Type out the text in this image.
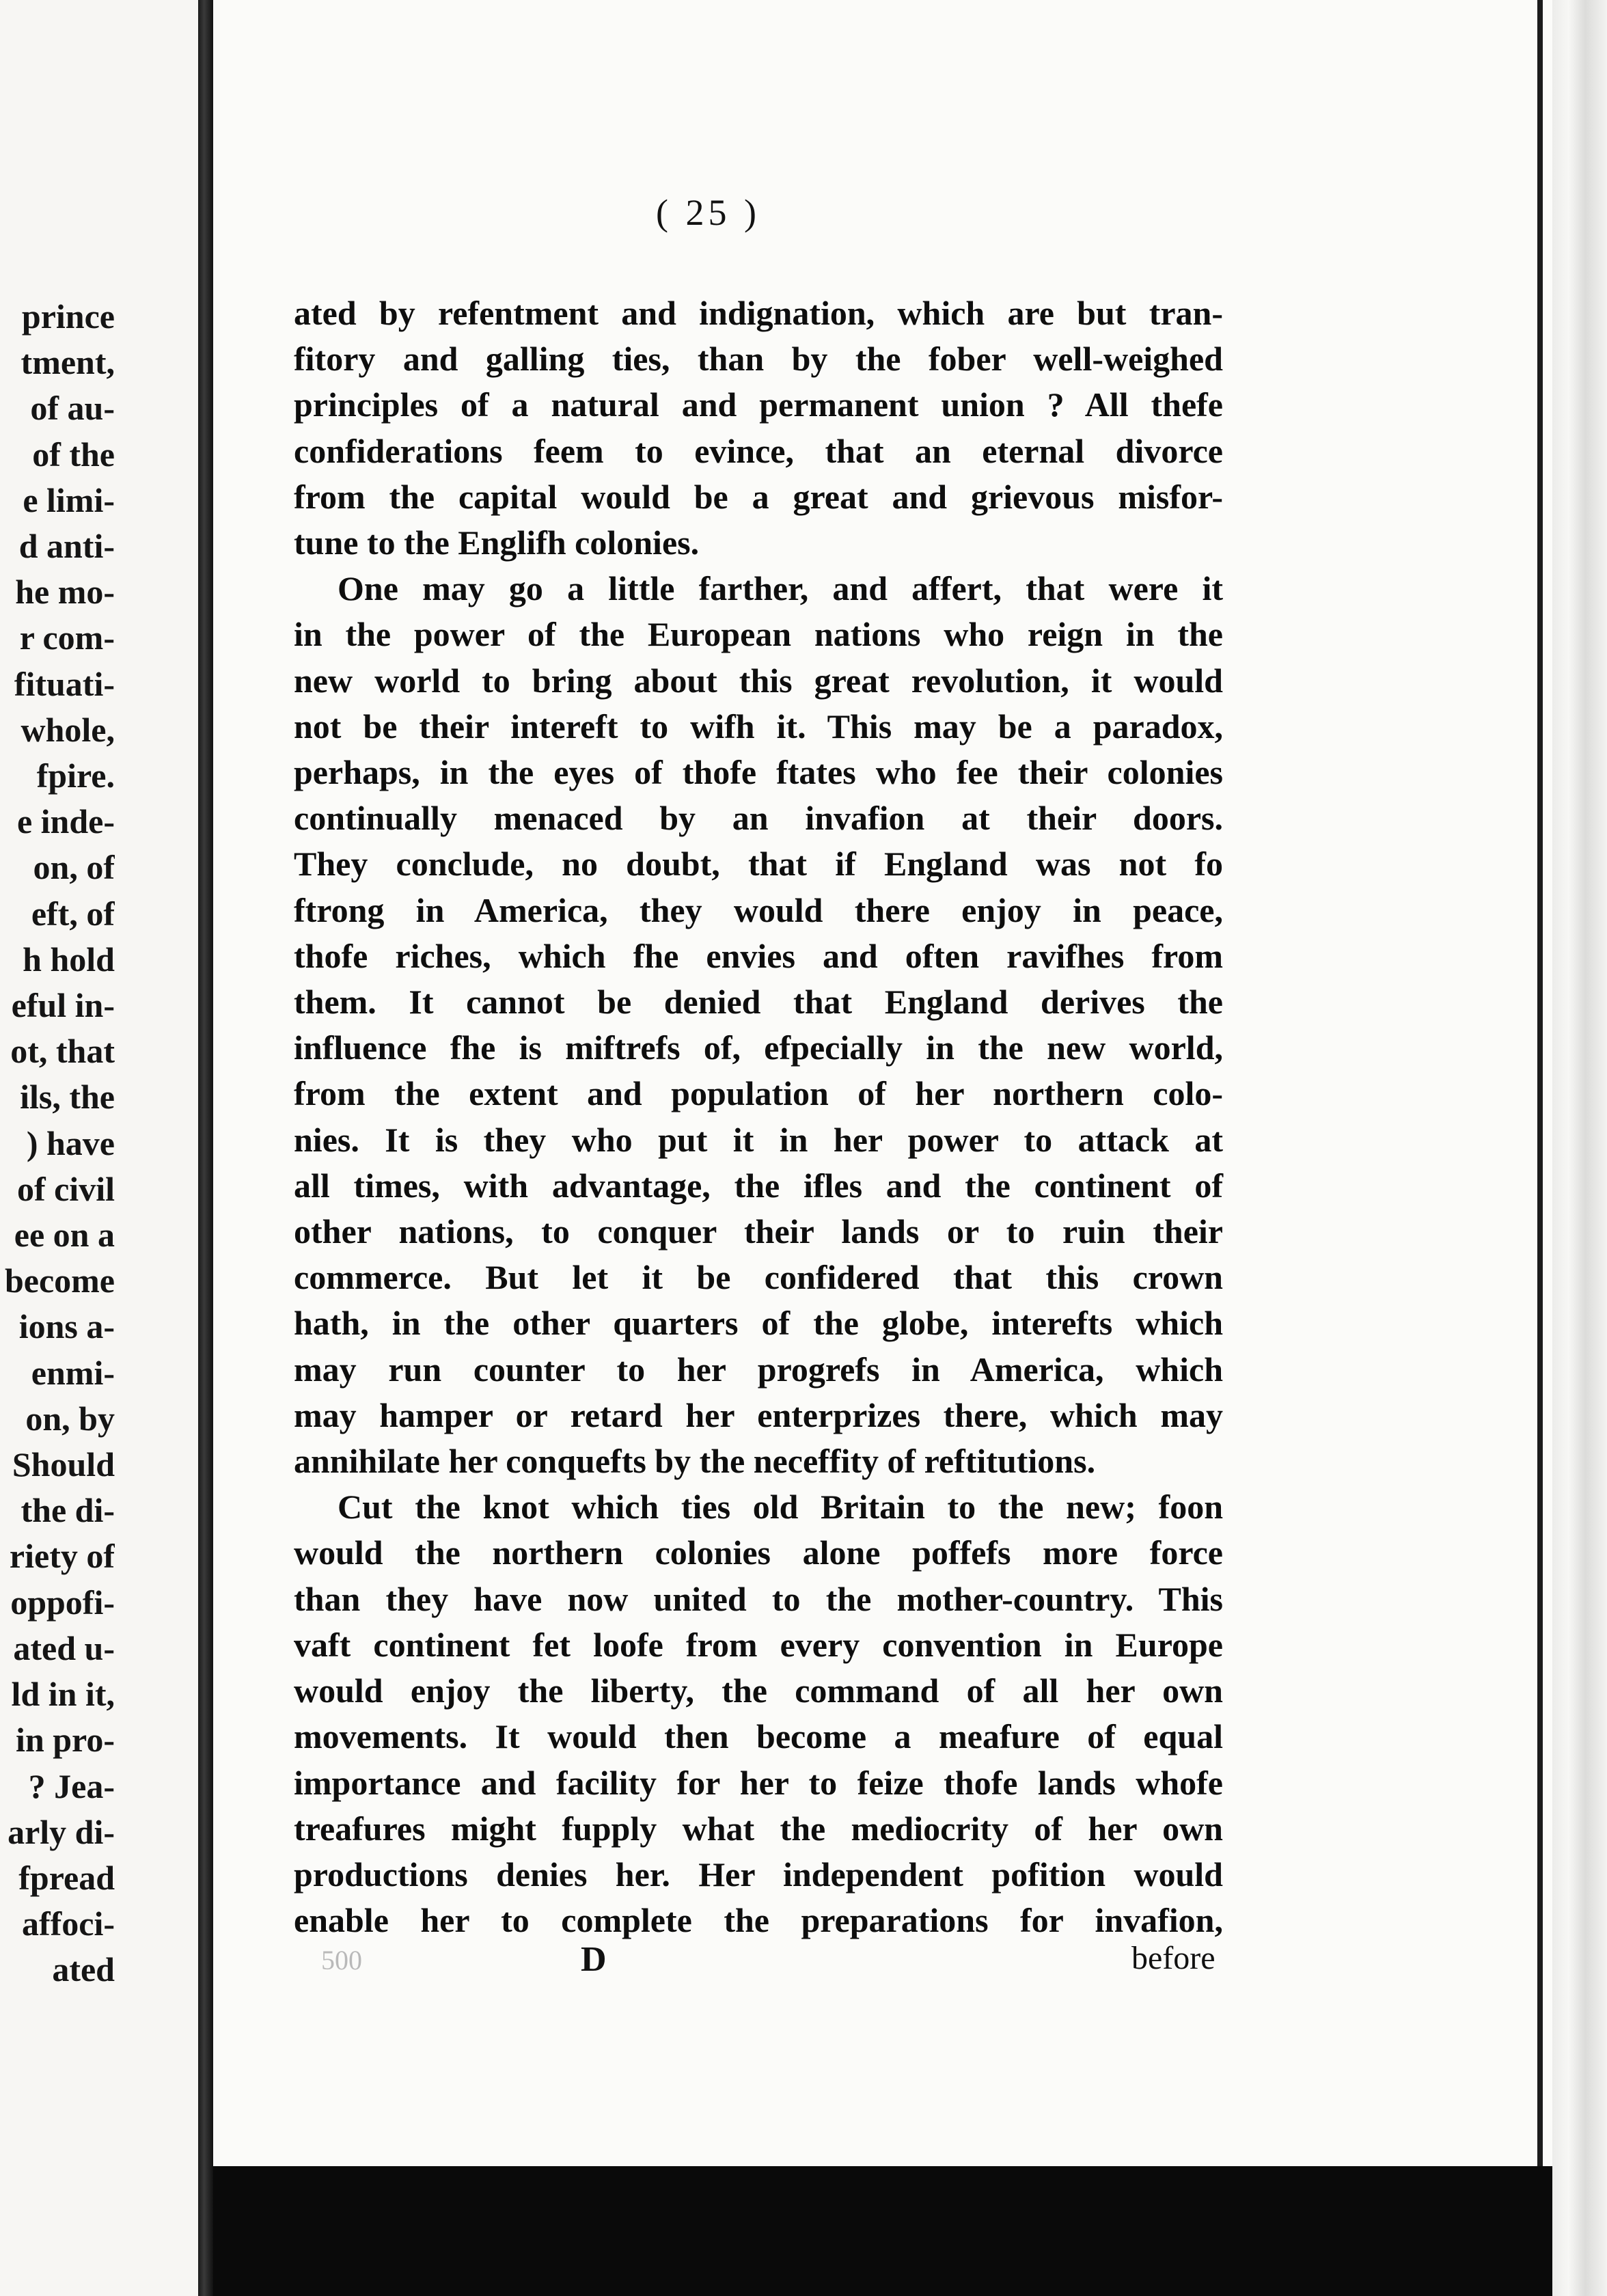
prince
tment,
of au-
of the
e limi-
d anti-
he mo-
r com-
fituati-
whole,
fpire.
e inde-
on, of
eft, of
h hold
eful in-
ot, that
ils, the
) have
of civil
ee on a
become
ions a-
enmi-
on, by
Should
the di-
riety of
oppofi-
ated u-
ld in it,
in pro-
? Jea-
arly di-
fpread
affoci-
ated
( 25 )
ated by refentment and indignation, which are but tran-
fitory and galling ties, than by the fober well-weighed
principles of a natural and permanent union ? All thefe
confiderations feem to evince, that an eternal divorce
from the capital would be a great and grievous misfor-
tune to the Englifh colonies.
One may go a little farther, and affert, that were it
in the power of the European nations who reign in the
new world to bring about this great revolution, it would
not be their intereft to wifh it. This may be a paradox,
perhaps, in the eyes of thofe ftates who fee their colonies
continually menaced by an invafion at their doors.
They conclude, no doubt, that if England was not fo
ftrong in America, they would there enjoy in peace,
thofe riches, which fhe envies and often ravifhes from
them. It cannot be denied that England derives the
influence fhe is miftrefs of, efpecially in the new world,
from the extent and population of her northern colo-
nies. It is they who put it in her power to attack at
all times, with advantage, the ifles and the continent of
other nations, to conquer their lands or to ruin their
commerce. But let it be confidered that this crown
hath, in the other quarters of the globe, interefts which
may run counter to her progrefs in America, which
may hamper or retard her enterprizes there, which may
annihilate her conquefts by the neceffity of reftitutions.
Cut the knot which ties old Britain to the new; foon
would the northern colonies alone poffefs more force
than they have now united to the mother-country. This
vaft continent fet loofe from every convention in Europe
would enjoy the liberty, the command of all her own
movements. It would then become a meafure of equal
importance and facility for her to feize thofe lands whofe
treafures might fupply what the mediocrity of her own
productions denies her. Her independent pofition would
enable her to complete the preparations for invafion,
500	D	before
